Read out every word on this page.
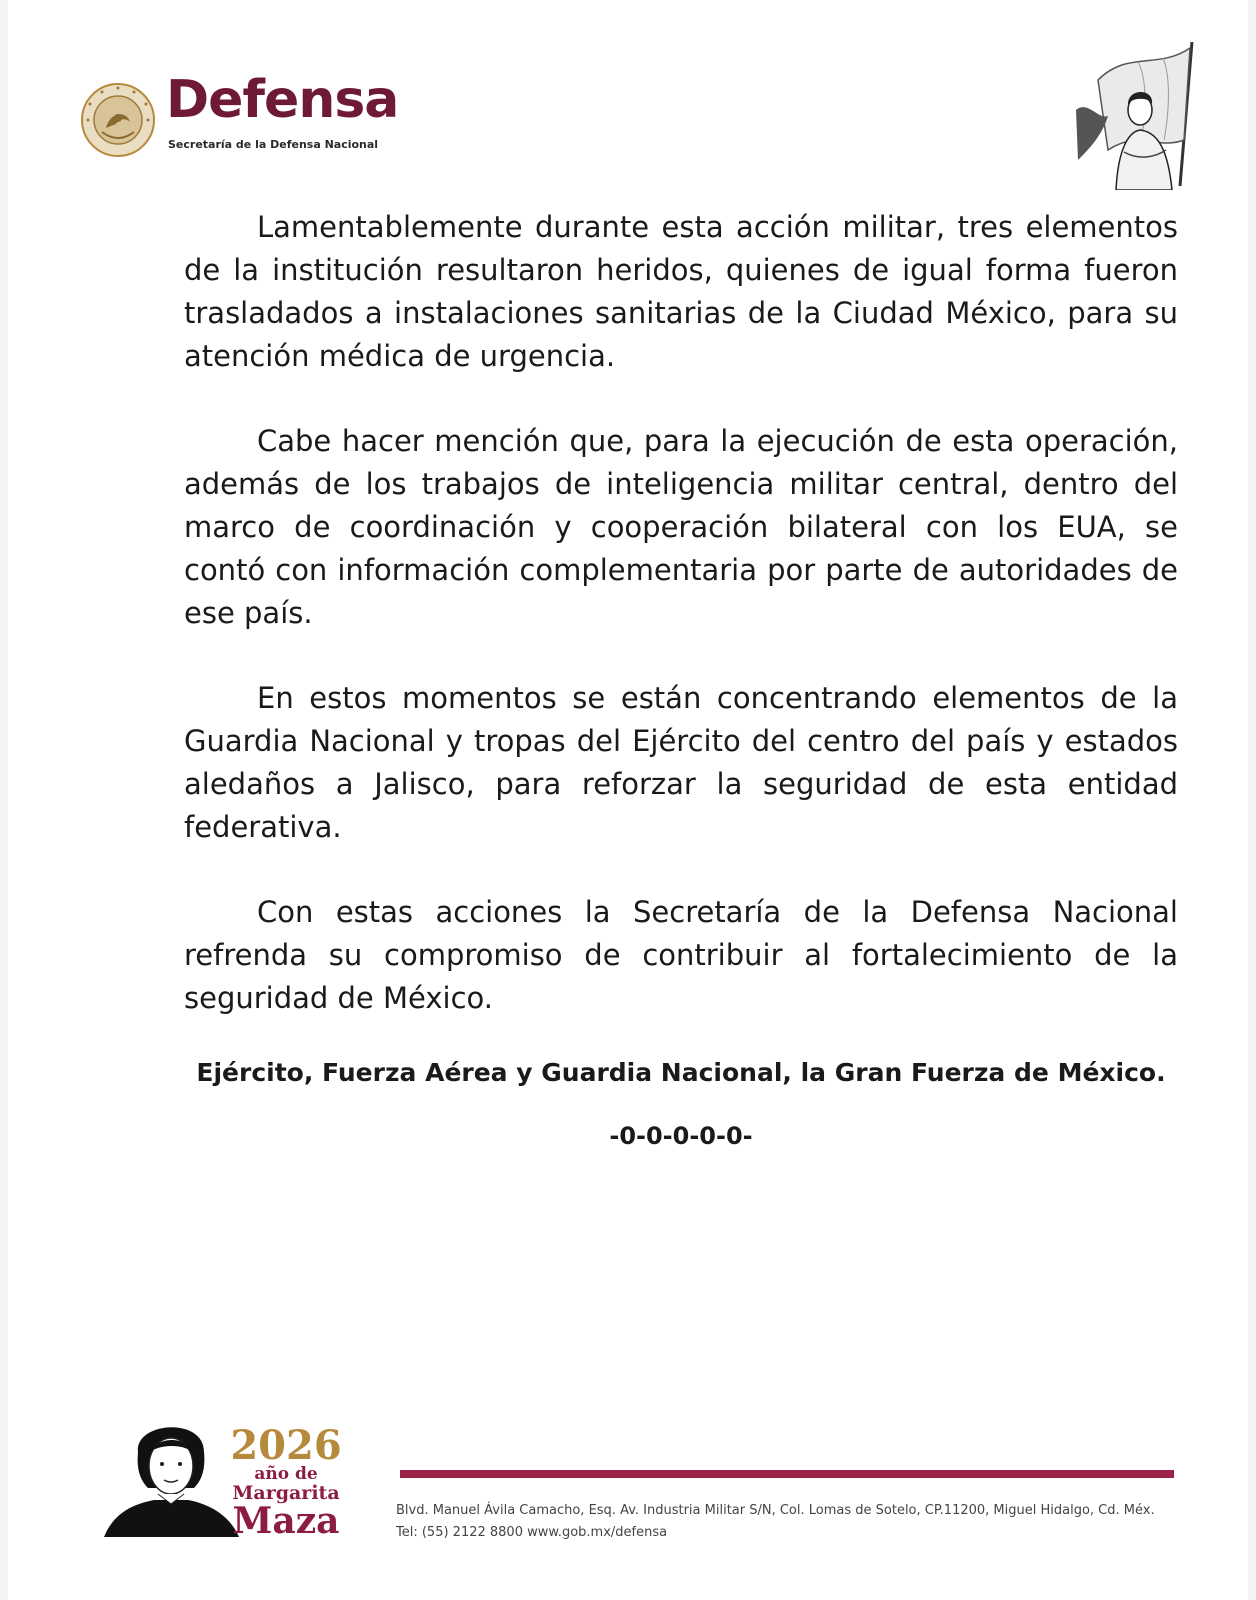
Defensa
Secretaría de la Defensa Nacional

Lamentablemente durante esta acción militar, tres elementos de la institución resultaron heridos, quienes de igual forma fueron trasladados a instalaciones sanitarias de la Ciudad México, para su atención médica de urgencia.

Cabe hacer mención que, para la ejecución de esta operación, además de los trabajos de inteligencia militar central, dentro del marco de coordinación y cooperación bilateral con los EUA, se contó con información complementaria por parte de autoridades de ese país.

En estos momentos se están concentrando elementos de la Guardia Nacional y tropas del Ejército del centro del país y estados aledaños a Jalisco, para reforzar la seguridad de esta entidad federativa.

Con estas acciones la Secretaría de la Defensa Nacional refrenda su compromiso de contribuir al fortalecimiento de la seguridad de México.

Ejército, Fuerza Aérea y Guardia Nacional, la Gran Fuerza de México.
-0-0-0-0-0-
2026
año de
Margarita
Maza	Blvd. Manuel Ávila Camacho, Esq. Av. Industria Militar S/N, Col. Lomas de Sotelo, CP.11200, Miguel Hidalgo, Cd. Méx.
Tel: (55) 2122 8800 www.gob.mx/defensa
